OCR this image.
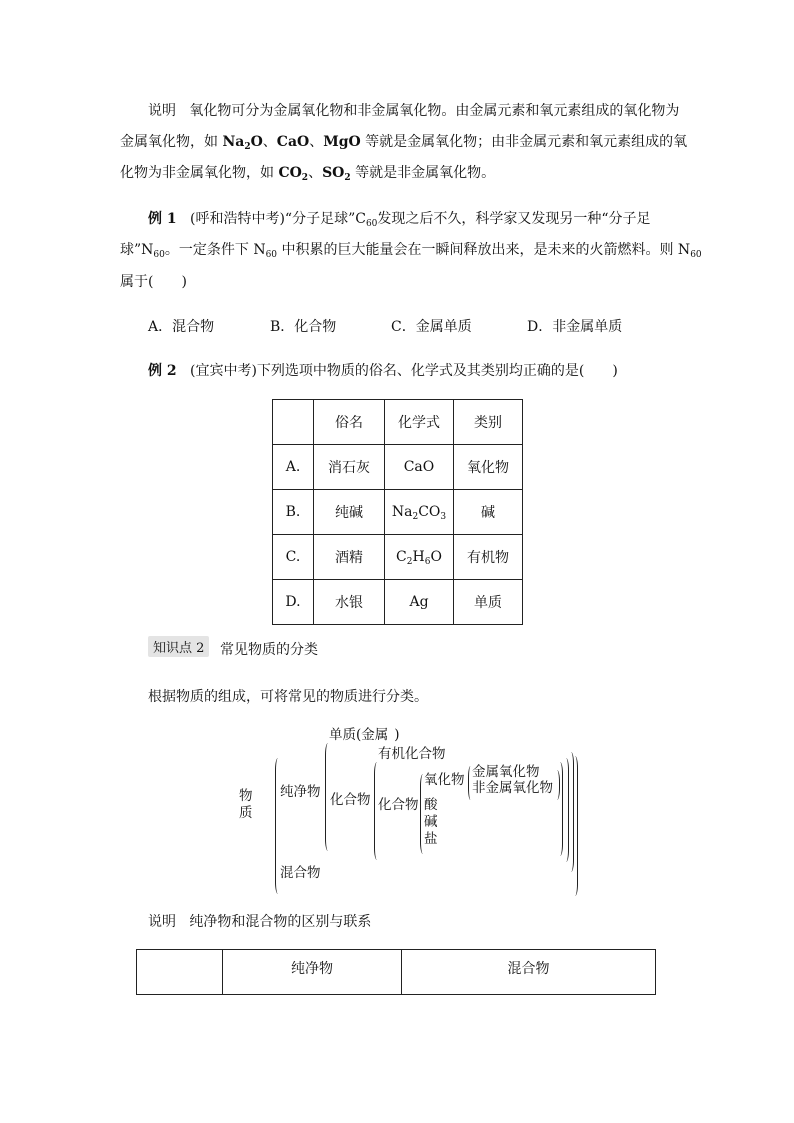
说明 氧化物可分为金属氧化物和非金属氧化物。由金属元素和氧元素组成的氧化物为
金属氧化物，如 $Na_2O$、CaO、MgO 等就是金属氧化物；由非金属元素和氧元素组成的氧
化物为非金属氧化物，如 $CO_2$、$SO_2$ 等就是非金属氧化物。
例 1 (呼和浩特中考)“分子足球$”C_{60}$发现之后不久，科学家又发现另一种“分子足
球$”N_{60}$。一定条件下 $N_{60}$ 中积累的巨大能量会在一瞬间释放出来，是未来的火箭燃料。则 $N_{60}$
属于(　　)
A．混合物	B．化合物	C．金属单质	D．非金属单质
例 2 (宜宾中考)下列选项中物质的俗名、化学式及其类别均正确的是(　　)
	俗名	化学式	类别
A.	消石灰	CaO	氧化物
B.	纯碱	$Na_2CO_3$	碱
C.	酒精	$C_2H_6O$	有机物
D.	水银	Ag	单质
知识点 2	常见物质的分类
根据物质的组成，可将常见的物质进行分类。
物
质
纯净物
混合物
单质(金属 )
化合物
有机化合物
化合物
氧化物
酸
碱
盐
金属氧化物
非金属氧化物
说明 纯净物和混合物的区别与联系
	纯净物	混合物
